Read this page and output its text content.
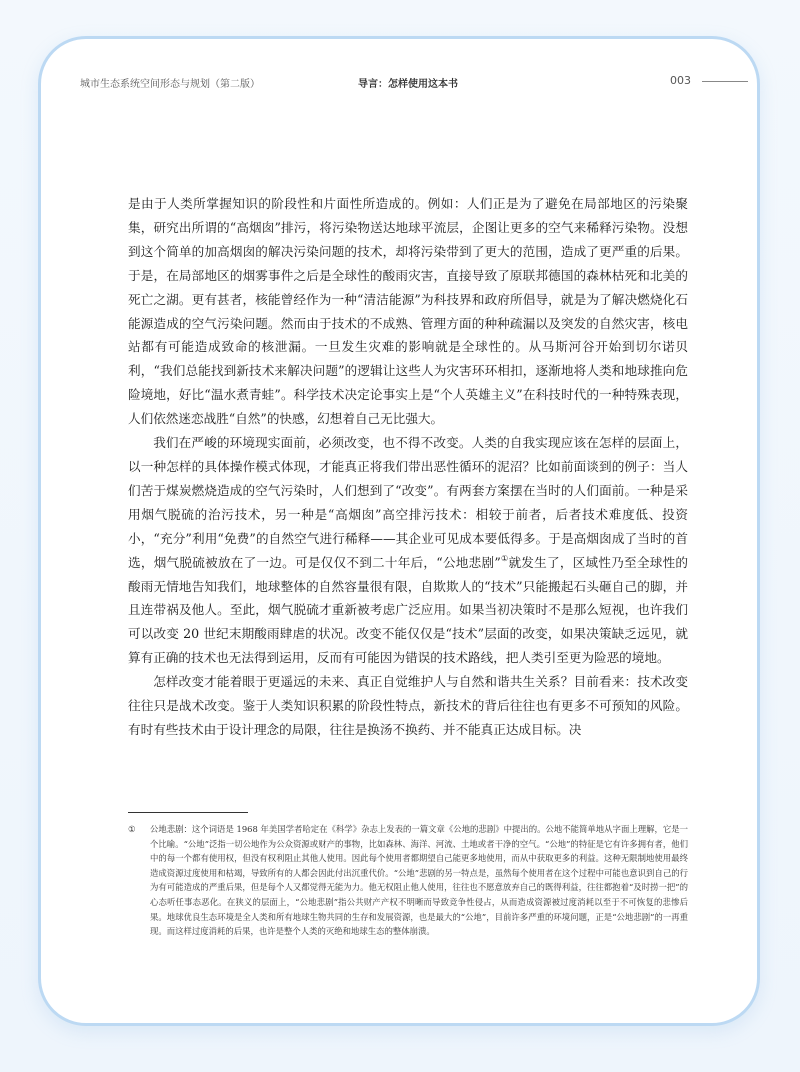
城市生态系统空间形态与规划（第二版）	导言：怎样使用这本书	003

是由于人类所掌握知识的阶段性和片面性所造成的。例如：人们正是为了避免在局部地区的污染聚集，研究出所谓的“高烟囱”排污，将污染物送达地球平流层，企图让更多的空气来稀释污染物。没想到这个简单的加高烟囱的解决污染问题的技术，却将污染带到了更大的范围，造成了更严重的后果。于是，在局部地区的烟雾事件之后是全球性的酸雨灾害，直接导致了原联邦德国的森林枯死和北美的死亡之湖。更有甚者，核能曾经作为一种“清洁能源”为科技界和政府所倡导，就是为了解决燃烧化石能源造成的空气污染问题。然而由于技术的不成熟、管理方面的种种疏漏以及突发的自然灾害，核电站都有可能造成致命的核泄漏。一旦发生灾难的影响就是全球性的。从马斯河谷开始到切尔诺贝利，“我们总能找到新技术来解决问题”的逻辑让这些人为灾害环环相扣，逐渐地将人类和地球推向危险境地，好比“温水煮青蛙”。科学技术决定论事实上是“个人英雄主义”在科技时代的一种特殊表现，人们依然迷恋战胜“自然”的快感，幻想着自己无比强大。

我们在严峻的环境现实面前，必须改变，也不得不改变。人类的自我实现应该在怎样的层面上，以一种怎样的具体操作模式体现，才能真正将我们带出恶性循环的泥沼？比如前面谈到的例子：当人们苦于煤炭燃烧造成的空气污染时，人们想到了“改变”。有两套方案摆在当时的人们面前。一种是采用烟气脱硫的治污技术，另一种是“高烟囱”高空排污技术：相较于前者，后者技术难度低、投资小，“充分”利用“免费”的自然空气进行稀释——其企业可见成本要低得多。于是高烟囱成了当时的首选，烟气脱硫被放在了一边。可是仅仅不到二十年后，“公地悲剧”①就发生了，区域性乃至全球性的酸雨无情地告知我们，地球整体的自然容量很有限，自欺欺人的“技术”只能搬起石头砸自己的脚，并且连带祸及他人。至此，烟气脱硫才重新被考虑广泛应用。如果当初决策时不是那么短视，也许我们可以改变 20 世纪末期酸雨肆虐的状况。改变不能仅仅是“技术”层面的改变，如果决策缺乏远见，就算有正确的技术也无法得到运用，反而有可能因为错误的技术路线，把人类引至更为险恶的境地。

怎样改变才能着眼于更遥远的未来、真正自觉维护人与自然和谐共生关系？目前看来：技术改变往往只是战术改变。鉴于人类知识积累的阶段性特点，新技术的背后往往也有更多不可预知的风险。有时有些技术由于设计理念的局限，往往是换汤不换药、并不能真正达成目标。决

① 公地悲剧：这个词语是 1968 年美国学者哈定在《科学》杂志上发表的一篇文章《公地的悲剧》中提出的。公地不能简单地从字面上理解，它是一个比喻。“公地”泛指一切公地作为公众资源或财产的事物，比如森林、海洋、河流、土地或者干净的空气。“公地”的特征是它有许多拥有者，他们中的每一个都有使用权，但没有权利阻止其他人使用。因此每个使用者都期望自己能更多地使用，而从中获取更多的利益。这种无限制地使用最终造成资源过度使用和枯竭，导致所有的人都会因此付出沉重代价。“公地”悲剧的另一特点是，虽然每个使用者在这个过程中可能也意识到自己的行为有可能造成的严重后果，但是每个人又都觉得无能为力。他无权阻止他人使用，往往也不愿意放弃自己的既得利益，往往都抱着“及时捞一把”的心态听任事态恶化。在狭义的层面上，“公地悲剧”指公共财产产权不明晰而导致竞争性侵占，从而造成资源被过度消耗以至于不可恢复的悲惨后果。地球优良生态环境是全人类和所有地球生物共同的生存和发展资源，也是最大的“公地”，目前许多严重的环境问题，正是“公地悲剧”的一再重现。而这样过度消耗的后果，也许是整个人类的灭绝和地球生态的整体崩溃。
